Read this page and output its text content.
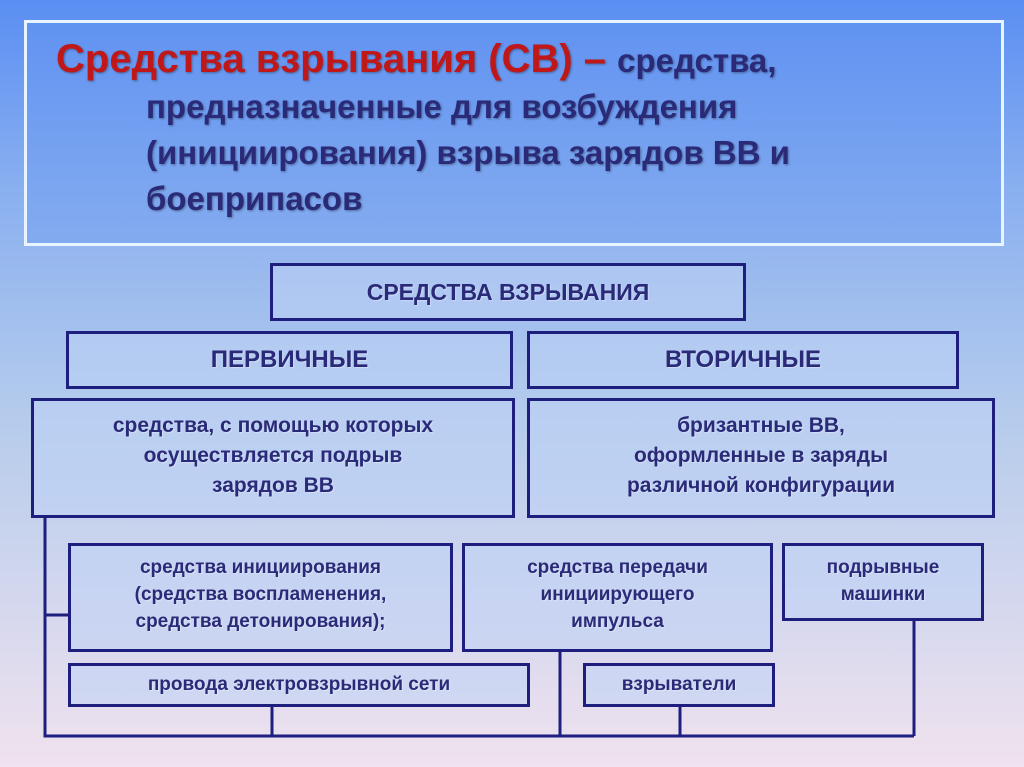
Средства взрывания (СВ) – средства,
предназначенные для возбуждения
(инициирования) взрыва зарядов ВВ и
боеприпасов
СРЕДСТВА ВЗРЫВАНИЯ
ПЕРВИЧНЫЕ	ВТОРИЧНЫЕ
средства, с помощью которых
осуществляется подрыв
зарядов ВВ
бризантные ВВ,
оформленные в заряды
различной конфигурации
средства инициирования
(средства воспламенения,
средства детонирования);
средства передачи
инициирующего
импульса
подрывные
машинки
провода электровзрывной сети	взрыватели
